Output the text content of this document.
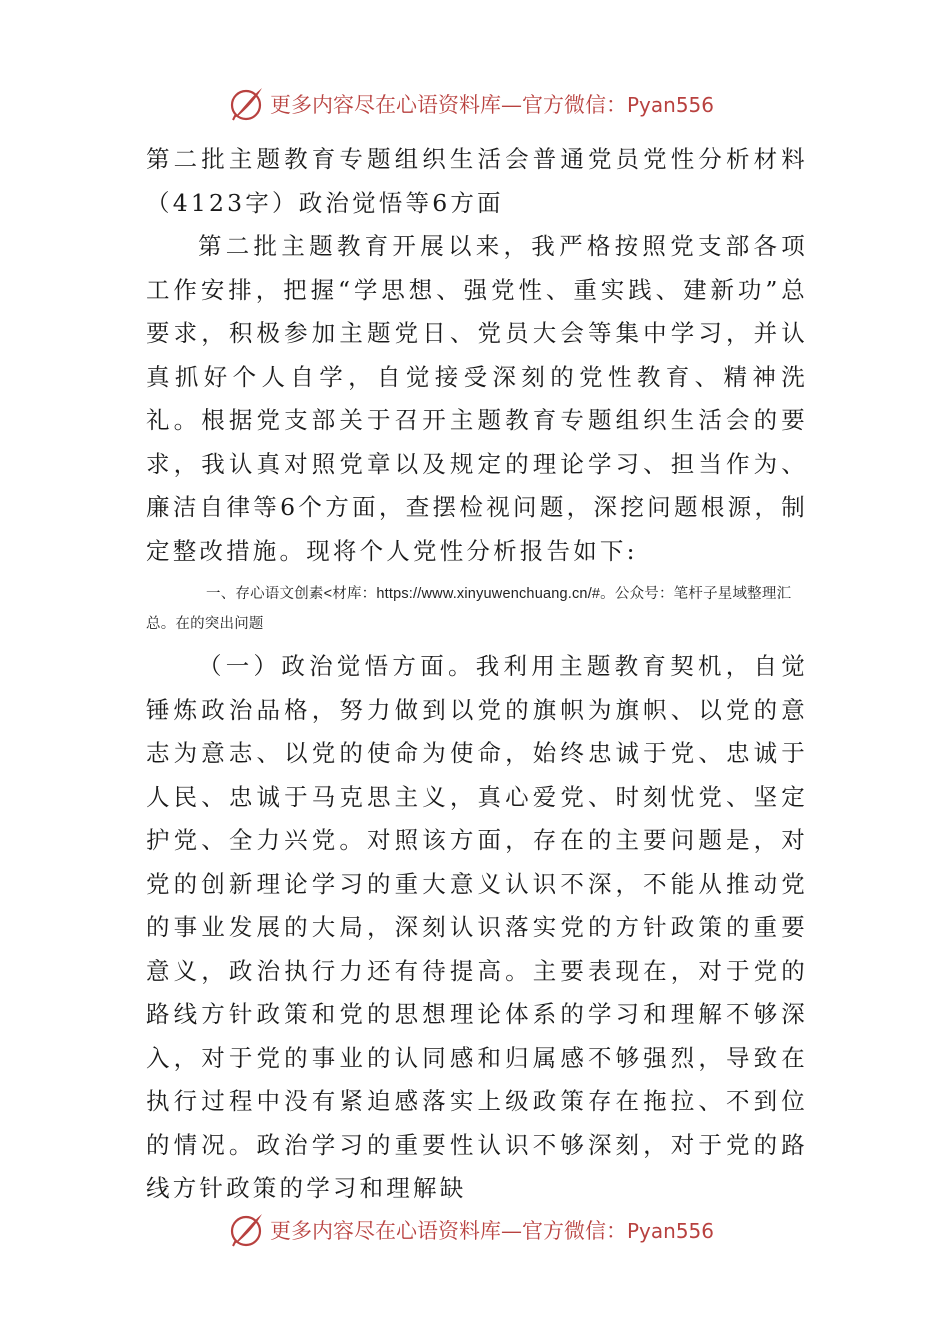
更多内容尽在心语资料库—官方微信：Pyan556

第二批主题教育专题组织生活会普通党员党性分析材料（4123字）政治觉悟等6方面

第二批主题教育开展以来，我严格按照党支部各项工作安排，把握“学思想、强党性、重实践、建新功”总要求，积极参加主题党日、党员大会等集中学习，并认真抓好个人自学，自觉接受深刻的党性教育、精神洗礼。根据党支部关于召开主题教育专题组织生活会的要求，我认真对照党章以及规定的理论学习、担当作为、廉洁自律等6个方面，查摆检视问题，深挖问题根源，制定整改措施。现将个人党性分析报告如下:

一、存心语文创素<材库：https://www.xinyuwenchuang.cn/#。公众号：笔杆子星域整理汇总。在的突出问题

（一）政治觉悟方面。我利用主题教育契机，自觉锤炼政治品格，努力做到以党的旗帜为旗帜、以党的意志为意志、以党的使命为使命，始终忠诚于党、忠诚于人民、忠诚于马克思主义，真心爱党、时刻忧党、坚定护党、全力兴党。对照该方面，存在的主要问题是，对党的创新理论学习的重大意义认识不深，不能从推动党的事业发展的大局，深刻认识落实党的方针政策的重要意义，政治执行力还有待提高。主要表现在，对于党的路线方针政策和党的思想理论体系的学习和理解不够深入，对于党的事业的认同感和归属感不够强烈，导致在执行过程中没有紧迫感落实上级政策存在拖拉、不到位的情况。政治学习的重要性认识不够深刻，对于党的路线方针政策的学习和理解缺

更多内容尽在心语资料库—官方微信：Pyan556
